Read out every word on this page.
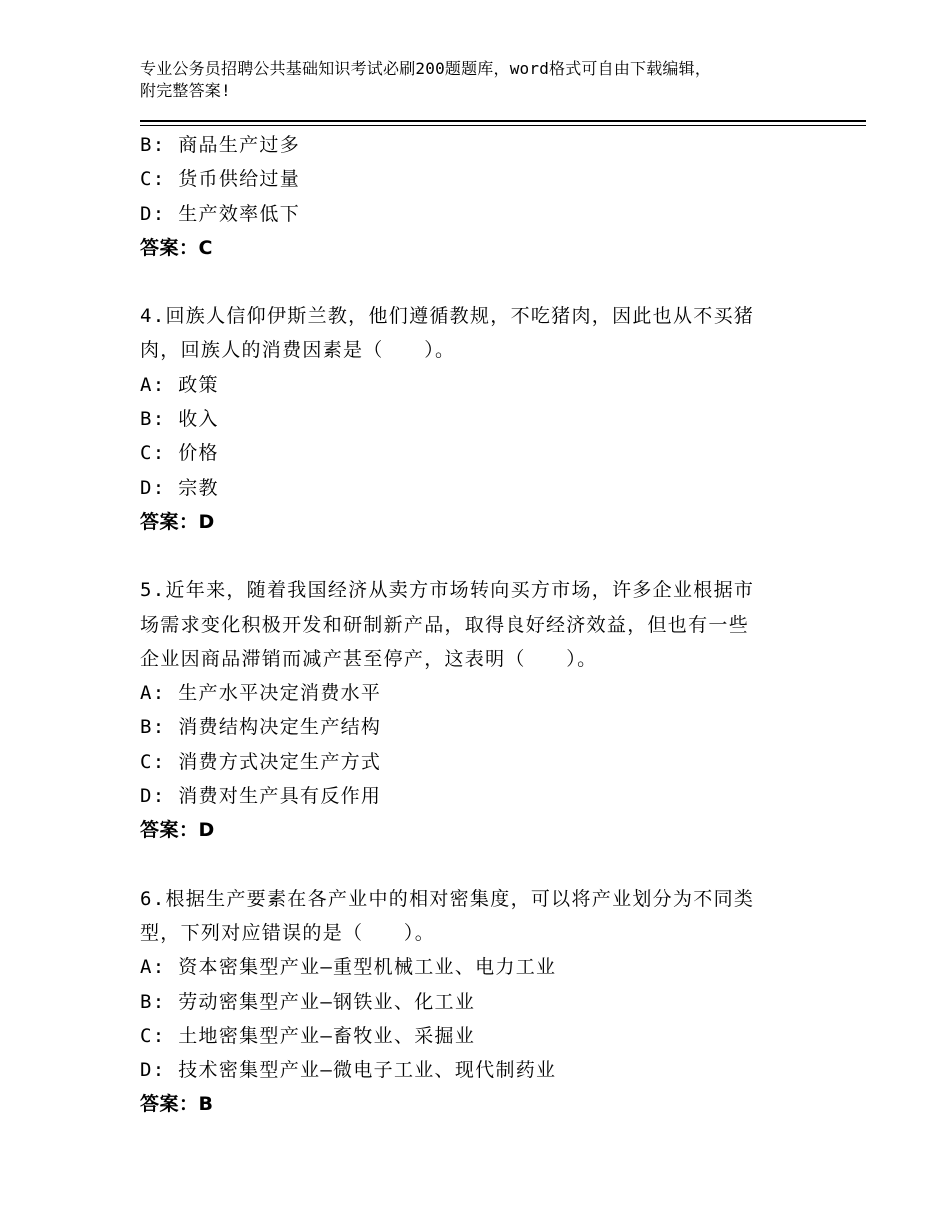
专业公务员招聘公共基础知识考试必刷200题题库，word格式可自由下载编辑，
附完整答案!
B: 商品生产过多
C: 货币供给过量
D: 生产效率低下
答案：C
4.回族人信仰伊斯兰教，他们遵循教规，不吃猪肉，因此也从不买猪
肉，回族人的消费因素是（　　）。
A: 政策
B: 收入
C: 价格
D: 宗教
答案：D
5.近年来，随着我国经济从卖方市场转向买方市场，许多企业根据市
场需求变化积极开发和研制新产品，取得良好经济效益，但也有一些
企业因商品滞销而减产甚至停产，这表明（　　）。
A: 生产水平决定消费水平
B: 消费结构决定生产结构
C: 消费方式决定生产方式
D: 消费对生产具有反作用
答案：D
6.根据生产要素在各产业中的相对密集度，可以将产业划分为不同类
型，下列对应错误的是（　　）。
A: 资本密集型产业—重型机械工业、电力工业
B: 劳动密集型产业—钢铁业、化工业
C: 土地密集型产业—畜牧业、采掘业
D: 技术密集型产业—微电子工业、现代制药业
答案：B
